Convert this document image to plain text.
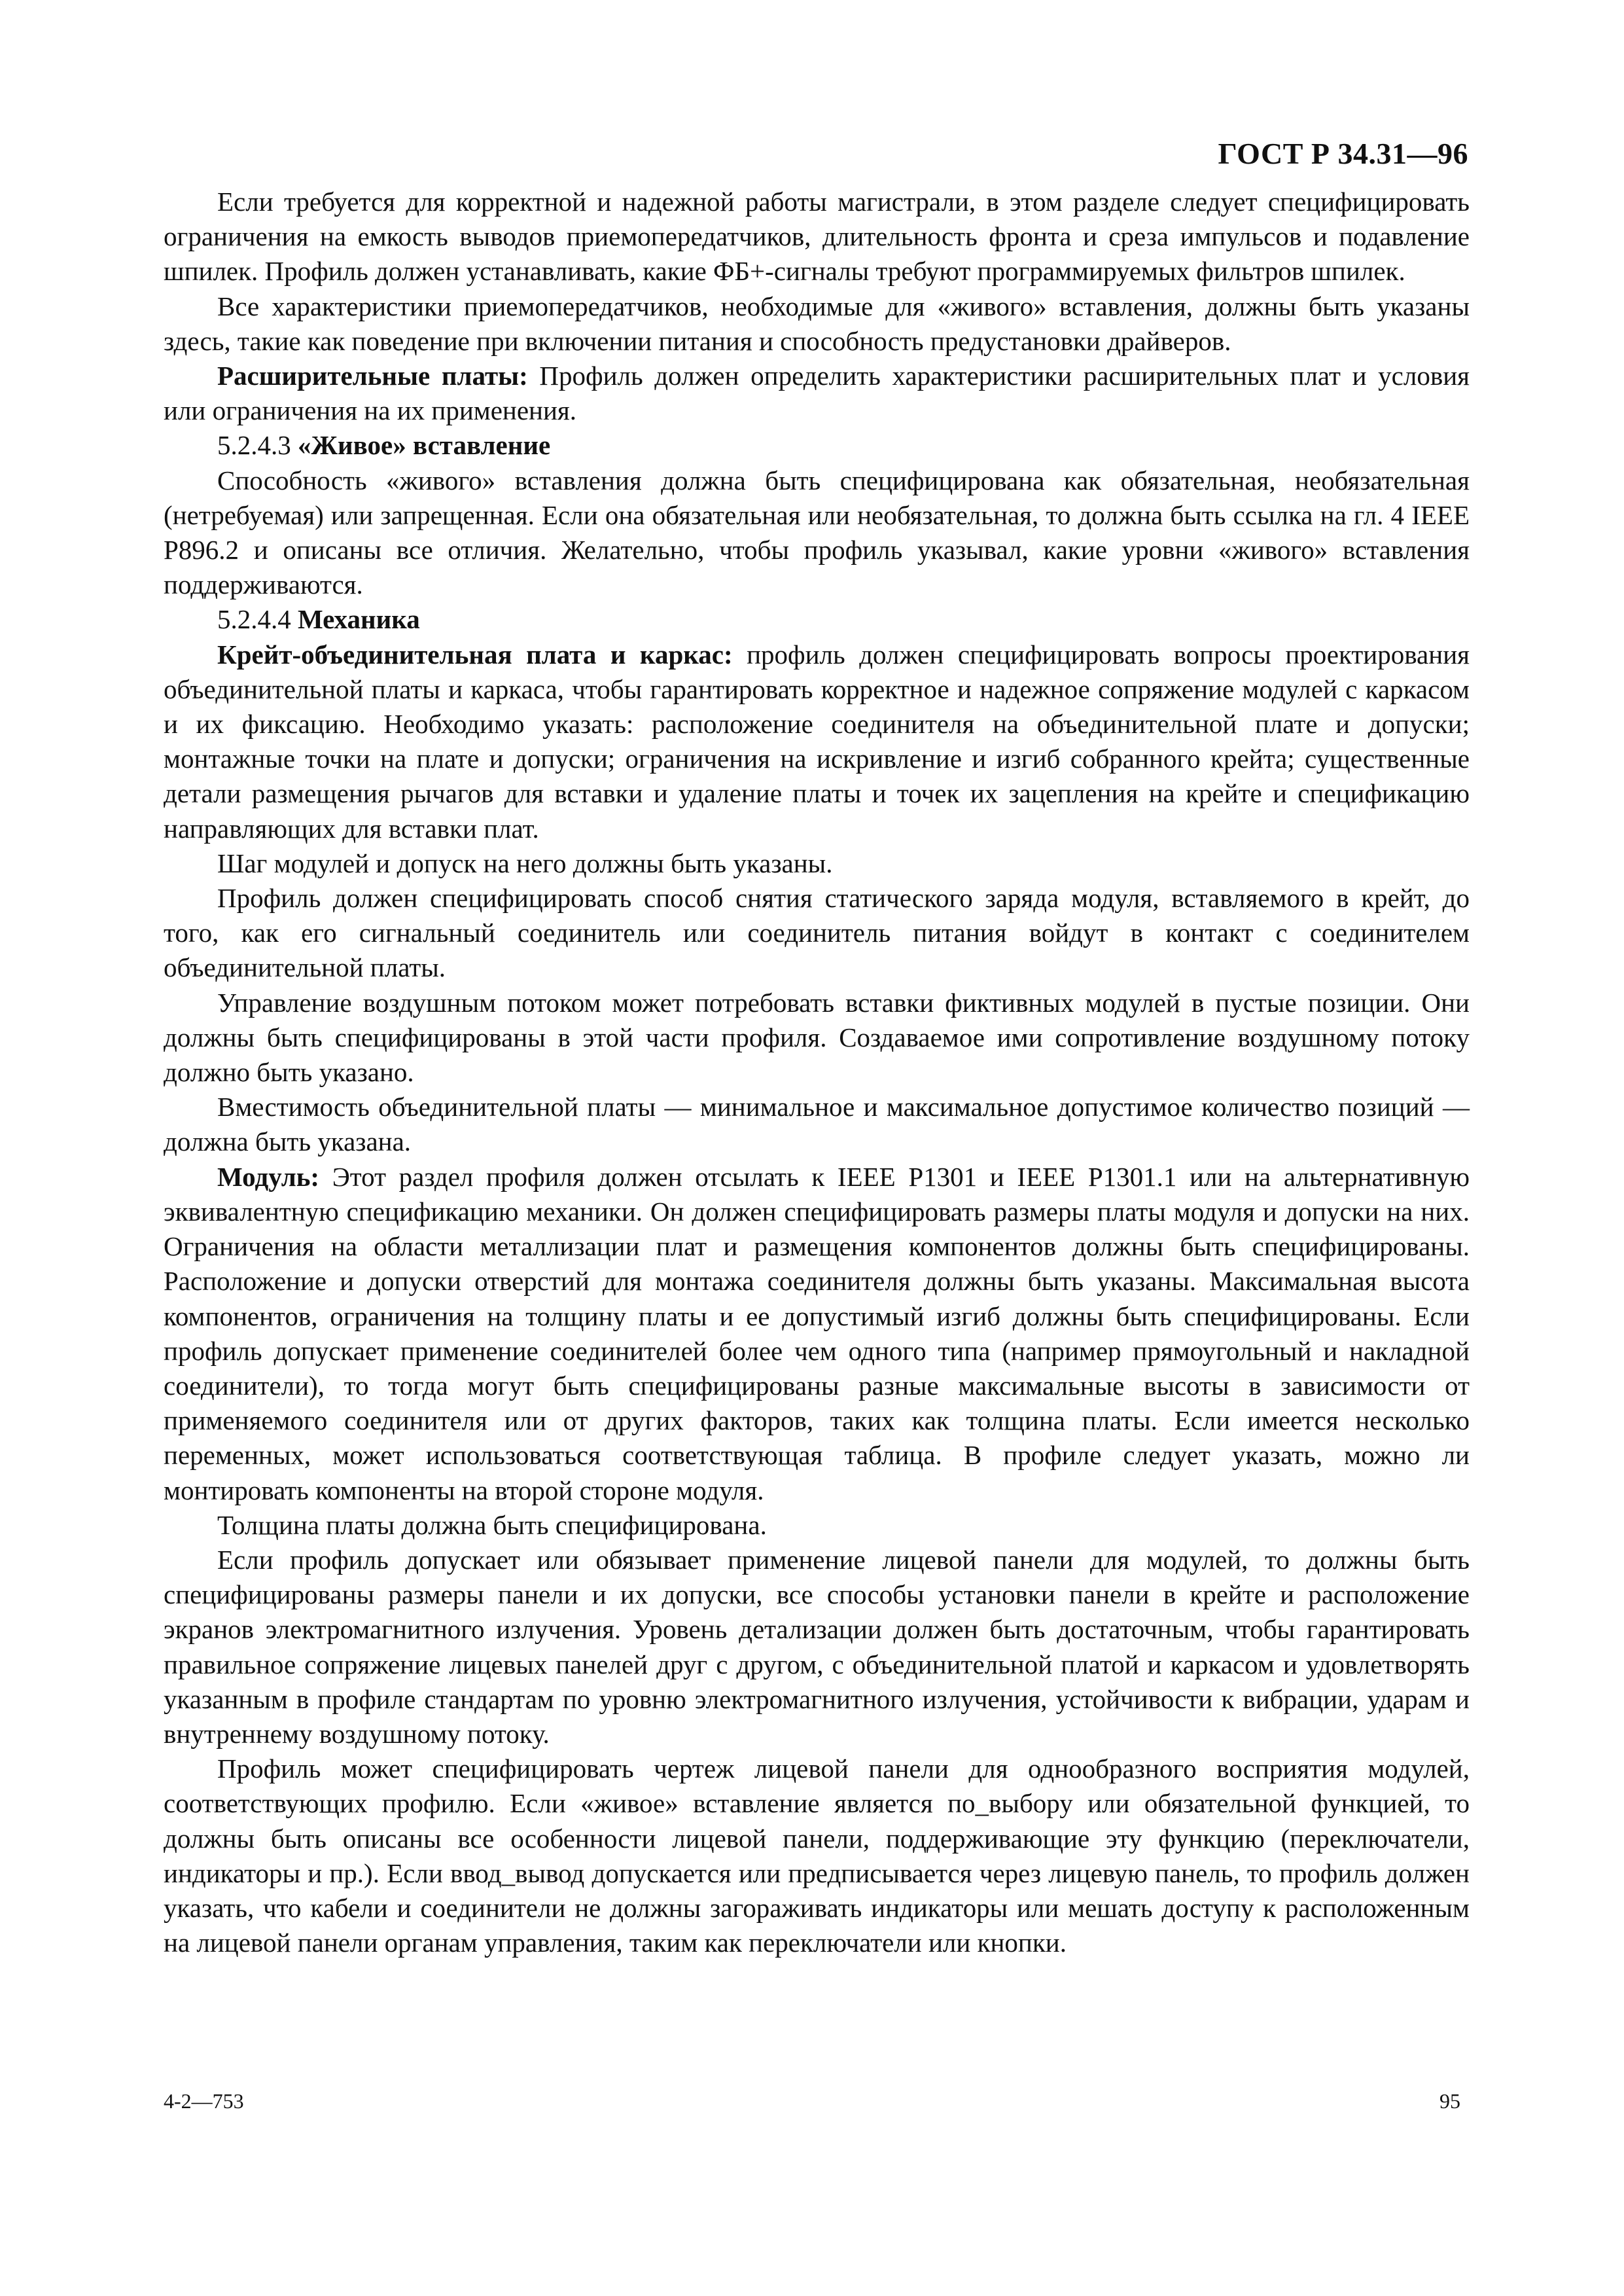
ГОСТ Р 34.31—96

Если требуется для корректной и надежной работы магистрали, в этом разделе следует специфицировать ограничения на емкость выводов приемопередатчиков, длительность фронта и среза импульсов и подавление шпилек. Профиль должен устанавливать, какие ФБ+-сигналы требуют программируемых фильтров шпилек.

Все характеристики приемопередатчиков, необходимые для «живого» вставления, должны быть указаны здесь, такие как поведение при включении питания и способность предустановки драйверов.

Расширительные платы: Профиль должен определить характеристики расширительных плат и условия или ограничения на их применения.

5.2.4.3 «Живое» вставление

Способность «живого» вставления должна быть специфицирована как обязательная, необязательная (нетребуемая) или запрещенная. Если она обязательная или необязательная, то должна быть ссылка на гл. 4 IEEE P896.2 и описаны все отличия. Желательно, чтобы профиль указывал, какие уровни «живого» вставления поддерживаются.

5.2.4.4 Механика

Крейт-объединительная плата и каркас: профиль должен специфицировать вопросы проектирования объединительной платы и каркаса, чтобы гарантировать корректное и надежное сопряжение модулей с каркасом и их фиксацию. Необходимо указать: расположение соединителя на объединительной плате и допуски; монтажные точки на плате и допуски; ограничения на искривление и изгиб собранного крейта; существенные детали размещения рычагов для вставки и удаление платы и точек их зацепления на крейте и спецификацию направляющих для вставки плат.

Шаг модулей и допуск на него должны быть указаны.

Профиль должен специфицировать способ снятия статического заряда модуля, вставляемого в крейт, до того, как его сигнальный соединитель или соединитель питания войдут в контакт с соединителем объединительной платы.

Управление воздушным потоком может потребовать вставки фиктивных модулей в пустые позиции. Они должны быть специфицированы в этой части профиля. Создаваемое ими сопротивление воздушному потоку должно быть указано.

Вместимость объединительной платы — минимальное и максимальное допустимое количество позиций — должна быть указана.

Модуль: Этот раздел профиля должен отсылать к IEEE P1301 и IEEE P1301.1 или на альтернативную эквивалентную спецификацию механики. Он должен специфицировать размеры платы модуля и допуски на них. Ограничения на области металлизации плат и размещения компонентов должны быть специфицированы. Расположение и допуски отверстий для монтажа соединителя должны быть указаны. Максимальная высота компонентов, ограничения на толщину платы и ее допустимый изгиб должны быть специфицированы. Если профиль допускает применение соединителей более чем одного типа (например прямоугольный и накладной соединители), то тогда могут быть специфицированы разные максимальные высоты в зависимости от применяемого соединителя или от других факторов, таких как толщина платы. Если имеется несколько переменных, может использоваться соответствующая таблица. В профиле следует указать, можно ли монтировать компоненты на второй стороне модуля.

Толщина платы должна быть специфицирована.

Если профиль допускает или обязывает применение лицевой панели для модулей, то должны быть специфицированы размеры панели и их допуски, все способы установки панели в крейте и расположение экранов электромагнитного излучения. Уровень детализации должен быть достаточным, чтобы гарантировать правильное сопряжение лицевых панелей друг с другом, с объединительной платой и каркасом и удовлетворять указанным в профиле стандартам по уровню электромагнитного излучения, устойчивости к вибрации, ударам и внутреннему воздушному потоку.

Профиль может специфицировать чертеж лицевой панели для однообразного восприятия модулей, соответствующих профилю. Если «живое» вставление является по_выбору или обязательной функцией, то должны быть описаны все особенности лицевой панели, поддерживающие эту функцию (переключатели, индикаторы и пр.). Если ввод_вывод допускается или предписывается через лицевую панель, то профиль должен указать, что кабели и соединители не должны загораживать индикаторы или мешать доступу к расположенным на лицевой панели органам управления, таким как переключатели или кнопки.

4-2—753	95
